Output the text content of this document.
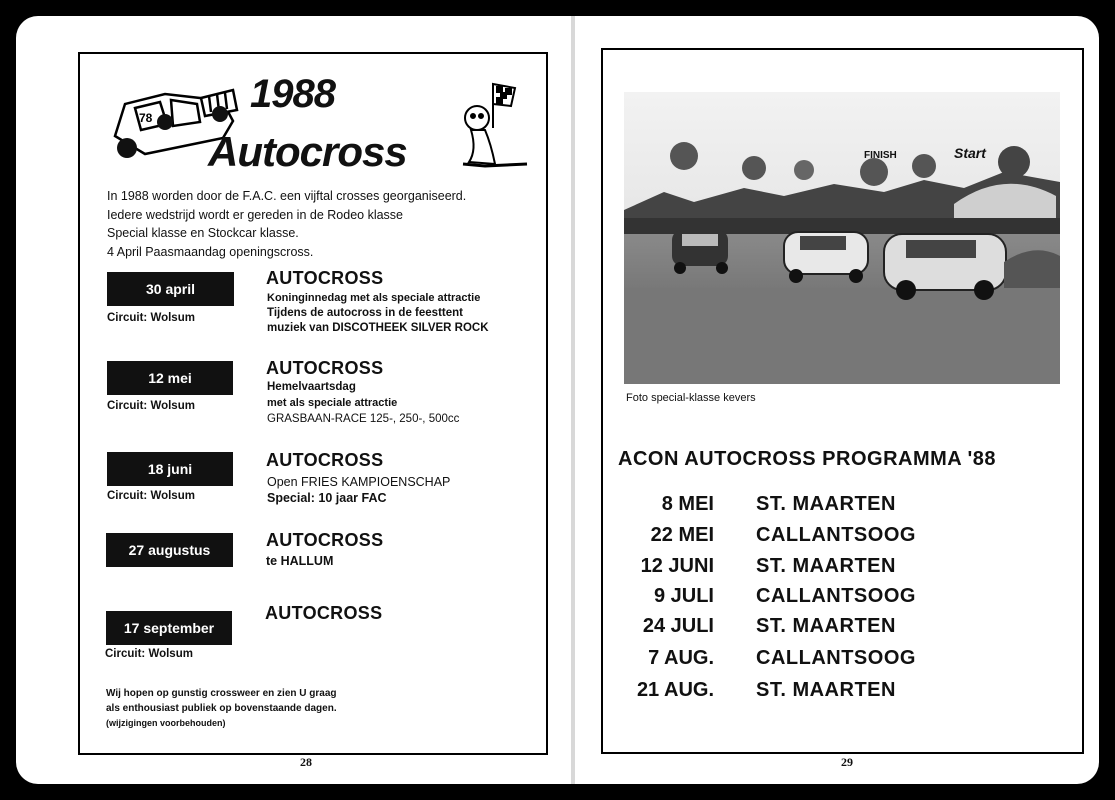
78
1988
Autocross
In 1988 worden door de F.A.C. een vijftal crosses georganiseerd.
Iedere wedstrijd wordt er gereden in de Rodeo klasse
Special klasse en Stockcar klasse.
4 April Paasmaandag openingscross.
30 april
Circuit: Wolsum
AUTOCROSS
Koninginnedag met als speciale attractie
Tijdens de autocross in de feesttent
muziek van DISCOTHEEK SILVER ROCK
12 mei
Circuit: Wolsum
AUTOCROSS
Hemelvaartsdag
met als speciale attractie
GRASBAAN-RACE 125-, 250-, 500cc
18 juni
Circuit: Wolsum
AUTOCROSS
Open FRIES KAMPIOENSCHAP
Special: 10 jaar FAC
27 augustus	AUTOCROSS
te HALLUM
17 september
Circuit: Wolsum
AUTOCROSS
Wij hopen op gunstig crossweer en zien U graag
als enthousiast publiek op bovenstaande dagen.
(wijzigingen voorbehouden)
28
FINISH	Start
Foto special-klasse kevers
ACON AUTOCROSS PROGRAMMA '88
8 MEI ST. MAARTEN
22 MEI CALLANTSOOG
12 JUNI ST. MAARTEN
9 JULI CALLANTSOOG
24 JULI ST. MAARTEN
7 AUG. CALLANTSOOG
21 AUG. ST. MAARTEN
29
